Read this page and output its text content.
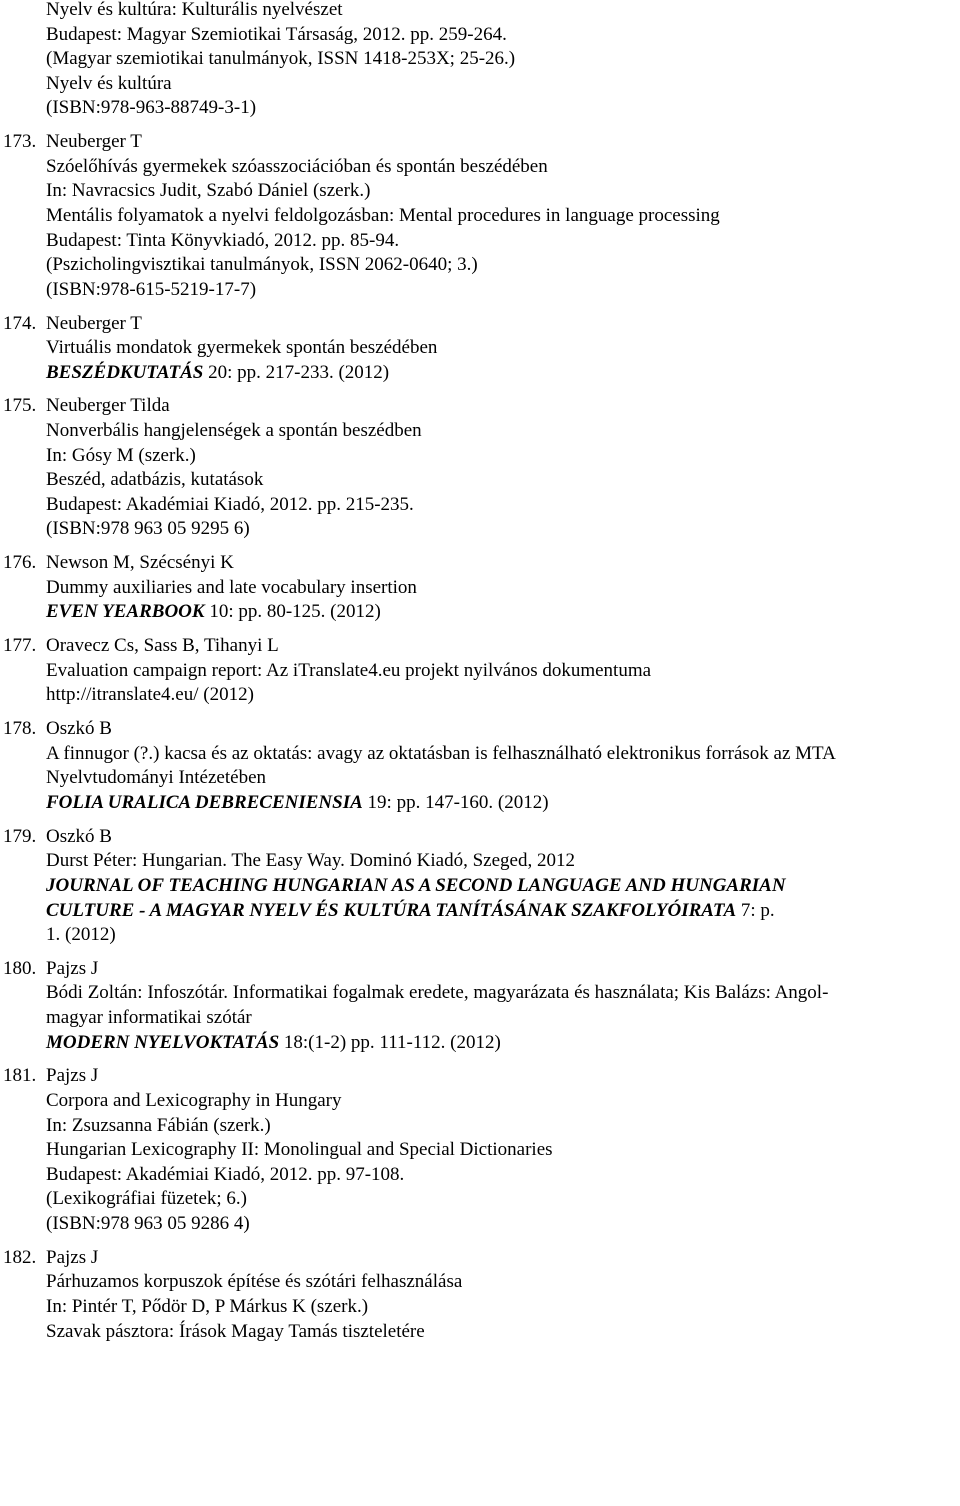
Nyelv és kultúra: Kulturális nyelvészet
Budapest: Magyar Szemiotikai Társaság, 2012. pp. 259-264.
(Magyar szemiotikai tanulmányok, ISSN 1418-253X; 25-26.)
Nyelv és kultúra
(ISBN:978-963-88749-3-1)
173. Neuberger T
Szóelőhívás gyermekek szóasszociációban és spontán beszédében
In: Navracsics Judit, Szabó Dániel (szerk.)
Mentális folyamatok a nyelvi feldolgozásban: Mental procedures in language processing
Budapest: Tinta Könyvkiadó, 2012. pp. 85-94.
(Pszicholingvisztikai tanulmányok, ISSN 2062-0640; 3.)
(ISBN:978-615-5219-17-7)
174. Neuberger T
Virtuális mondatok gyermekek spontán beszédében
BESZÉDKUTATÁS 20: pp. 217-233. (2012)
175. Neuberger Tilda
Nonverbális hangjelenségek a spontán beszédben
In: Gósy M (szerk.)
Beszéd, adatbázis, kutatások
Budapest: Akadémiai Kiadó, 2012. pp. 215-235.
(ISBN:978 963 05 9295 6)
176. Newson M, Szécsényi K
Dummy auxiliaries and late vocabulary insertion
EVEN YEARBOOK 10: pp. 80-125. (2012)
177. Oravecz Cs, Sass B, Tihanyi L
Evaluation campaign report: Az iTranslate4.eu projekt nyilvános dokumentuma
http://itranslate4.eu/ (2012)
178. Oszkó B
A finnugor (?.) kacsa és az oktatás: avagy az oktatásban is felhasználható elektronikus források az MTA
Nyelvtudományi Intézetében
FOLIA URALICA DEBRECENIENSIA 19: pp. 147-160. (2012)
179. Oszkó B
Durst Péter: Hungarian. The Easy Way. Dominó Kiadó, Szeged, 2012
JOURNAL OF TEACHING HUNGARIAN AS A SECOND LANGUAGE AND HUNGARIAN
CULTURE - A MAGYAR NYELV ÉS KULTÚRA TANÍTÁSÁNAK SZAKFOLYÓIRATA 7: p.
1. (2012)
180. Pajzs J
Bódi Zoltán: Infoszótár. Informatikai fogalmak eredete, magyarázata és használata; Kis Balázs: Angol-
magyar informatikai szótár
MODERN NYELVOKTATÁS 18:(1-2) pp. 111-112. (2012)
181. Pajzs J
Corpora and Lexicography in Hungary
In: Zsuzsanna Fábián (szerk.)
Hungarian Lexicography II: Monolingual and Special Dictionaries
Budapest: Akadémiai Kiadó, 2012. pp. 97-108.
(Lexikográfiai füzetek; 6.)
(ISBN:978 963 05 9286 4)
182. Pajzs J
Párhuzamos korpuszok építése és szótári felhasználása
In: Pintér T, Pődör D, P Márkus K (szerk.)
Szavak pásztora: Írások Magay Tamás tiszteletére
